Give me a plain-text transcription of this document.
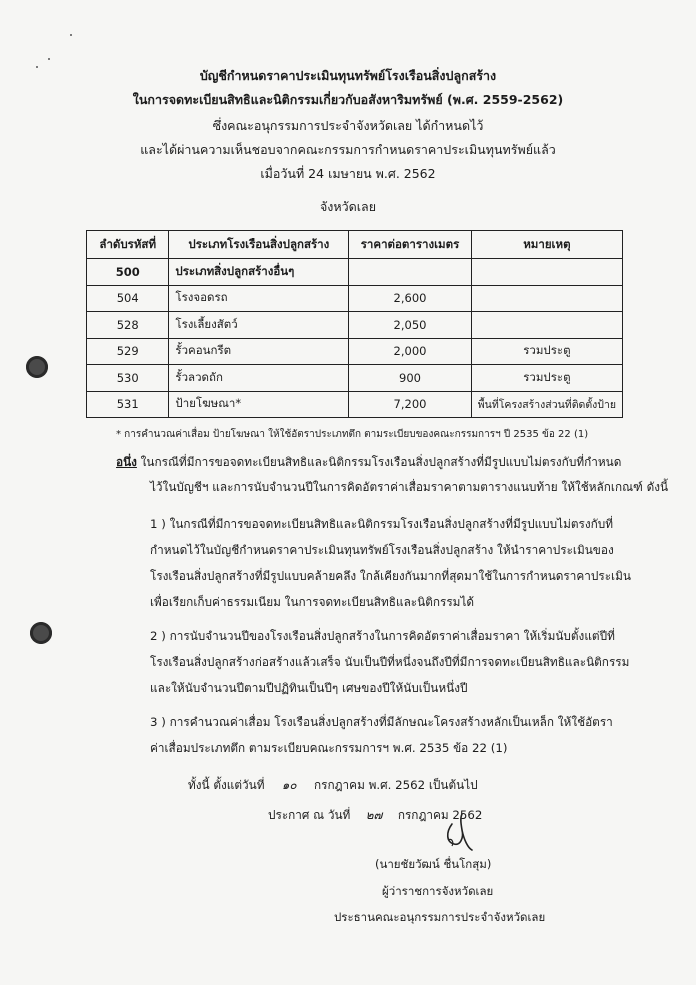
บัญชีกำหนดราคาประเมินทุนทรัพย์โรงเรือนสิ่งปลูกสร้าง
ในการจดทะเบียนสิทธิและนิติกรรมเกี่ยวกับอสังหาริมทรัพย์ (พ.ศ. 2559-2562)
ซึ่งคณะอนุกรรมการประจำจังหวัดเลย ได้กำหนดไว้
และได้ผ่านความเห็นชอบจากคณะกรรมการกำหนดราคาประเมินทุนทรัพย์แล้ว
เมื่อวันที่ 24 เมษายน พ.ศ. 2562
จังหวัดเลย
ลำดับรหัสที่	ประเภทโรงเรือนสิ่งปลูกสร้าง	ราคาต่อตารางเมตร	หมายเหตุ
500	ประเภทสิ่งปลูกสร้างอื่นๆ		
504	โรงจอดรถ	2,600	
528	โรงเลี้ยงสัตว์	2,050	
529	รั้วคอนกรีต	2,000	รวมประตู
530	รั้วลวดถัก	900	รวมประตู
531	ป้ายโฆษณา*	7,200	พื้นที่โครงสร้างส่วนที่ติดตั้งป้าย
* การคำนวณค่าเสื่อม ป้ายโฆษณา ให้ใช้อัตราประเภทตึก ตามระเบียบของคณะกรรมการฯ ปี 2535 ข้อ 22 (1)
อนึ่ง ในกรณีที่มีการขอจดทะเบียนสิทธิและนิติกรรมโรงเรือนสิ่งปลูกสร้างที่มีรูปแบบไม่ตรงกับที่กำหนด
ไว้ในบัญชีฯ และการนับจำนวนปีในการคิดอัตราค่าเสื่อมราคาตามตารางแนบท้าย ให้ใช้หลักเกณฑ์ ดังนี้
1 ) ในกรณีที่มีการขอจดทะเบียนสิทธิและนิติกรรมโรงเรือนสิ่งปลูกสร้างที่มีรูปแบบไม่ตรงกับที่
กำหนดไว้ในบัญชีกำหนดราคาประเมินทุนทรัพย์โรงเรือนสิ่งปลูกสร้าง ให้นำราคาประเมินของ
โรงเรือนสิ่งปลูกสร้างที่มีรูปแบบคล้ายคลึง ใกล้เคียงกันมากที่สุดมาใช้ในการกำหนดราคาประเมิน
เพื่อเรียกเก็บค่าธรรมเนียม ในการจดทะเบียนสิทธิและนิติกรรมได้
2 ) การนับจำนวนปีของโรงเรือนสิ่งปลูกสร้างในการคิดอัตราค่าเสื่อมราคา ให้เริ่มนับตั้งแต่ปีที่
โรงเรือนสิ่งปลูกสร้างก่อสร้างแล้วเสร็จ นับเป็นปีที่หนึ่งจนถึงปีที่มีการจดทะเบียนสิทธิและนิติกรรม
และให้นับจำนวนปีตามปีปฏิทินเป็นปีๆ เศษของปีให้นับเป็นหนึ่งปี
3 ) การคำนวณค่าเสื่อม โรงเรือนสิ่งปลูกสร้างที่มีลักษณะโครงสร้างหลักเป็นเหล็ก ให้ใช้อัตรา
ค่าเสื่อมประเภทตึก ตามระเบียบคณะกรรมการฯ พ.ศ. 2535 ข้อ 22 (1)
ทั้งนี้ ตั้งแต่วันที่ ๑๐ กรกฎาคม พ.ศ. 2562 เป็นต้นไป
ประกาศ ณ วันที่ ๒๗ กรกฎาคม 2562
(นายชัยวัฒน์ ชื่นโกสุม)
ผู้ว่าราชการจังหวัดเลย
ประธานคณะอนุกรรมการประจำจังหวัดเลย
